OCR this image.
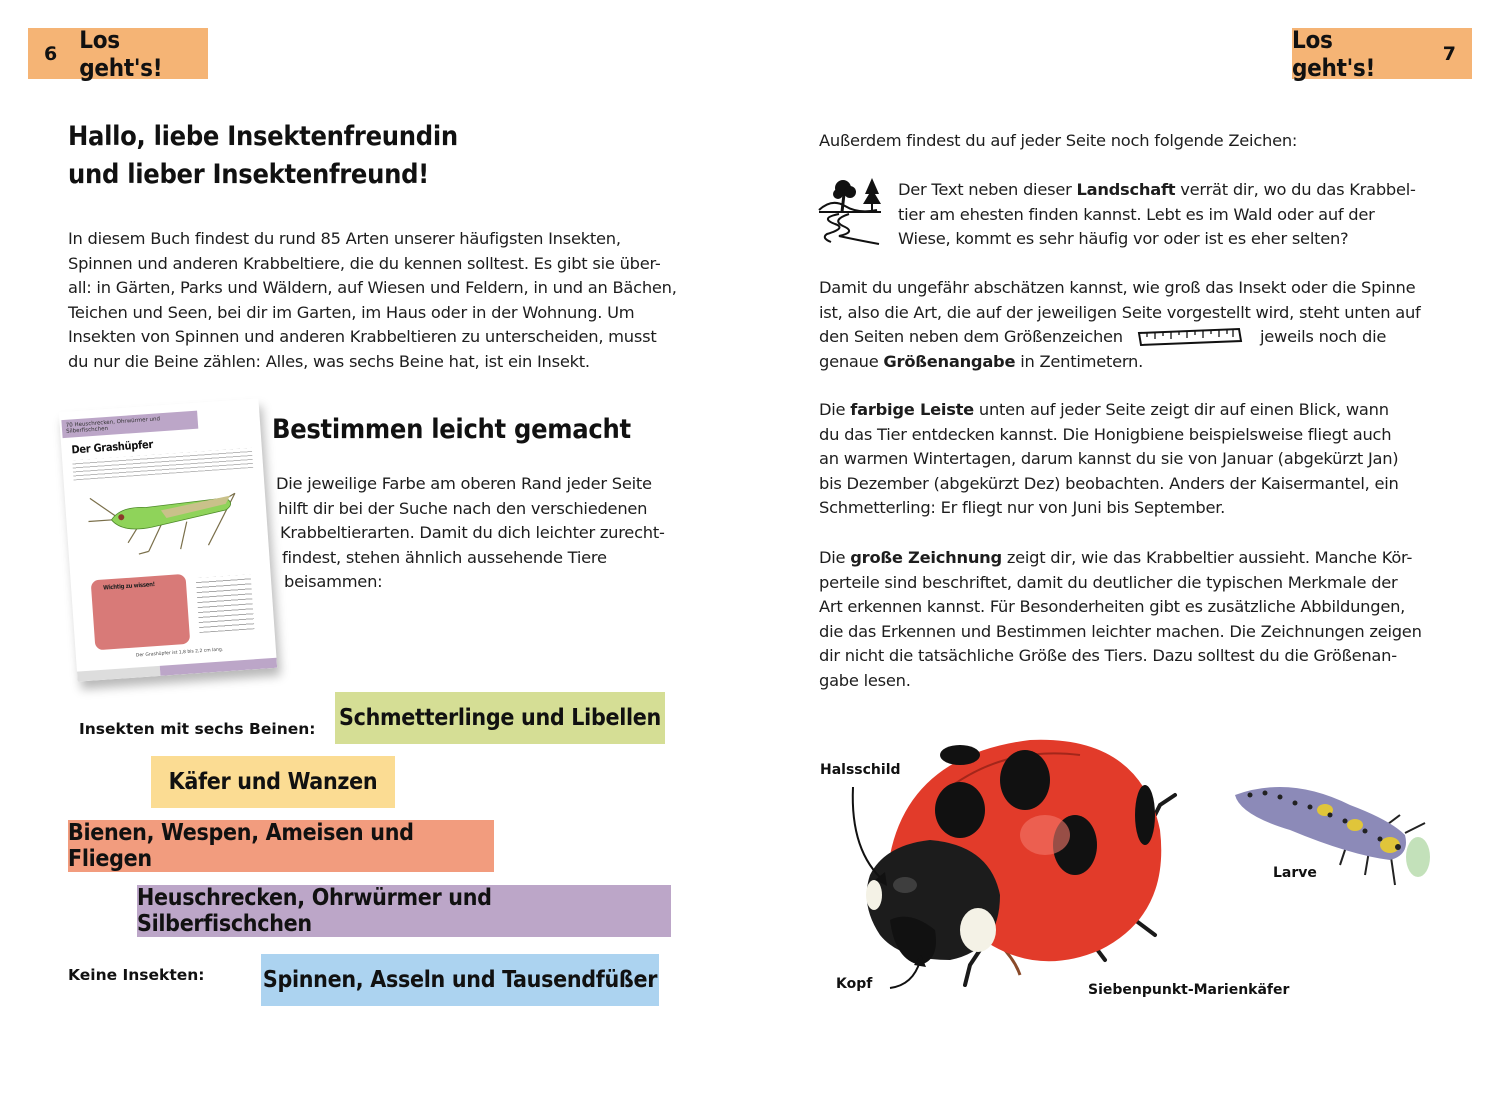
6 Los geht's!
Hallo, liebe Insektenfreundin
und lieber Insektenfreund!
In diesem Buch findest du rund 85 Arten unserer häufigsten Insekten,
Spinnen und anderen Krabbeltiere, die du kennen solltest. Es gibt sie über-
all: in Gärten, Parks und Wäldern, auf Wiesen und Feldern, in und an Bächen,
Teichen und Seen, bei dir im Garten, im Haus oder in der Wohnung. Um
Insekten von Spinnen und anderen Krabbeltieren zu unterscheiden, musst
du nur die Beine zählen: Alles, was sechs Beine hat, ist ein Insekt.
70 Heuschrecken, Ohrwürmer und Silberfischchen
Der Grashüpfer
Wichtig zu wissen!
Der Grashüpfer ist 1,8 bis 2,2 cm lang.
Bestimmen leicht gemacht
Die jeweilige Farbe am oberen Rand jeder Seite
hilft dir bei der Suche nach den verschiedenen
Krabbeltierarten. Damit du dich leichter zurecht-
findest, stehen ähnlich aussehende Tiere
beisammen:
Insekten mit sechs Beinen:
Keine Insekten:
Schmetterlinge und Libellen
Käfer und Wanzen
Bienen, Wespen, Ameisen und Fliegen
Heuschrecken, Ohrwürmer und Silberfischchen
Spinnen, Asseln und Tausendfüßer
Los geht's!	7
Außerdem findest du auf jeder Seite noch folgende Zeichen:
Der Text neben dieser Landschaft verrät dir, wo du das Krabbel-
tier am ehesten finden kannst. Lebt es im Wald oder auf der
Wiese, kommt es sehr häufig vor oder ist es eher selten?
Damit du ungefähr abschätzen kannst, wie groß das Insekt oder die Spinne
ist, also die Art, die auf der jeweiligen Seite vorgestellt wird, steht unten auf
den Seiten neben dem Größenzeichen	jeweils noch die
genaue Größenangabe in Zentimetern.
Die farbige Leiste unten auf jeder Seite zeigt dir auf einen Blick, wann
du das Tier entdecken kannst. Die Honigbiene beispielsweise fliegt auch
an warmen Wintertagen, darum kannst du sie von Januar (abgekürzt Jan)
bis Dezember (abgekürzt Dez) beobachten. Anders der Kaisermantel, ein
Schmetterling: Er fliegt nur von Juni bis September.
Die große Zeichnung zeigt dir, wie das Krabbeltier aussieht. Manche Kör-
perteile sind beschriftet, damit du deutlicher die typischen Merkmale der
Art erkennen kannst. Für Besonderheiten gibt es zusätzliche Abbildungen,
die das Erkennen und Bestimmen leichter machen. Die Zeichnungen zeigen
dir nicht die tatsächliche Größe des Tiers. Dazu solltest du die Größenan-
gabe lesen.
Halsschild
Kopf
Larve
Siebenpunkt-Marienkäfer
